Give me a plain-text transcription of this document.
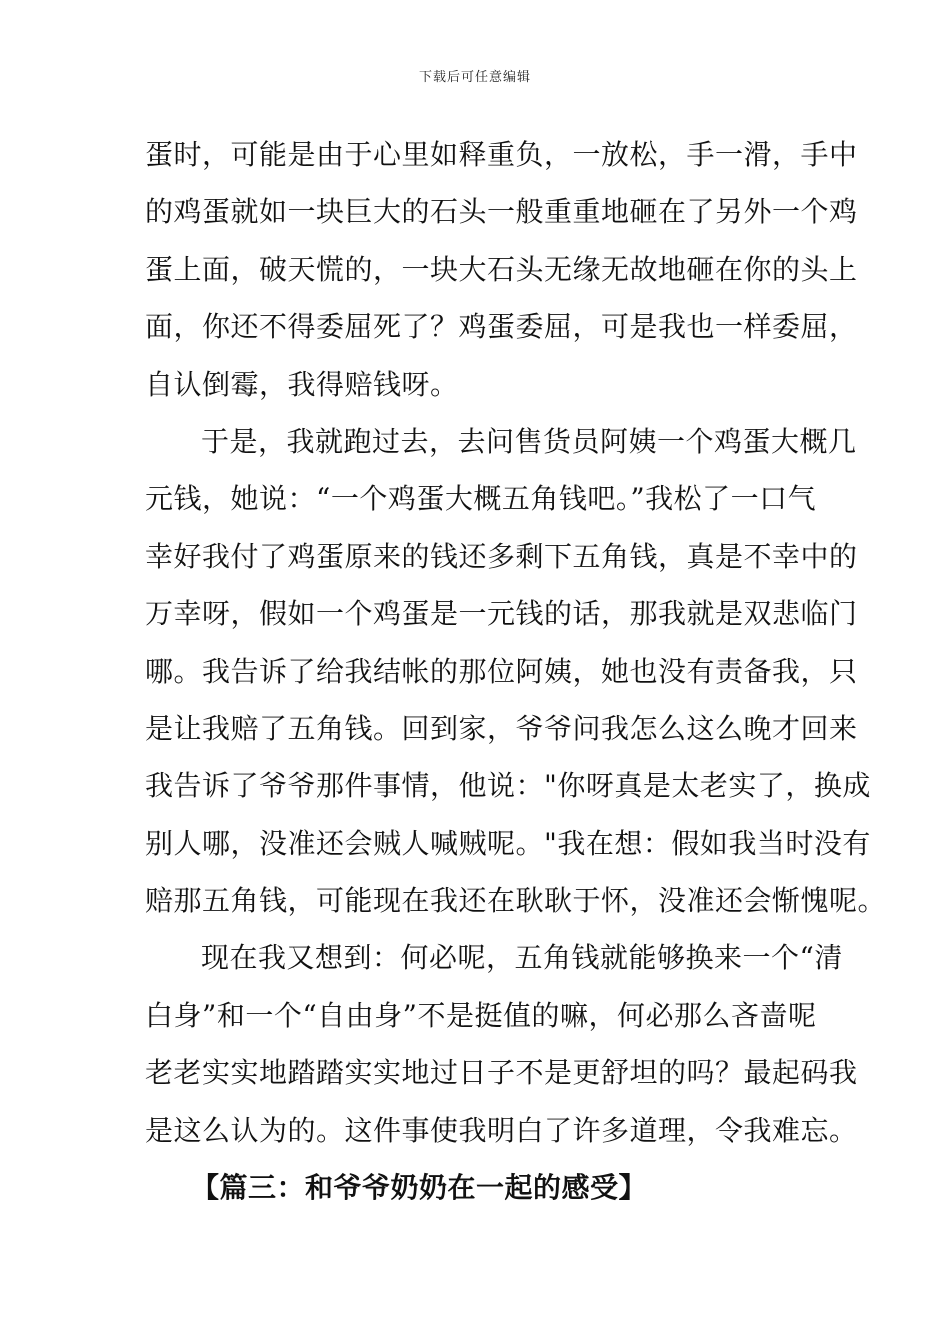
下载后可任意编辑
蛋时，可能是由于心里如释重负，一放松，手一滑，手中
的鸡蛋就如一块巨大的石头一般重重地砸在了另外一个鸡
蛋上面，破天慌的，一块大石头无缘无故地砸在你的头上
面，你还不得委屈死了？鸡蛋委屈，可是我也一样委屈，
自认倒霉，我得赔钱呀。
于是，我就跑过去，去问售货员阿姨一个鸡蛋大概几
元钱，她说：“一个鸡蛋大概五角钱吧。”我松了一口气
幸好我付了鸡蛋原来的钱还多剩下五角钱，真是不幸中的
万幸呀，假如一个鸡蛋是一元钱的话，那我就是双悲临门
哪。我告诉了给我结帐的那位阿姨，她也没有责备我，只
是让我赔了五角钱。回到家，爷爷问我怎么这么晚才回来
我告诉了爷爷那件事情，他说："你呀真是太老实了，换成
别人哪，没准还会贼人喊贼呢。"我在想：假如我当时没有
赔那五角钱，可能现在我还在耿耿于怀，没准还会惭愧呢。
现在我又想到：何必呢，五角钱就能够换来一个“清
白身”和一个“自由身”不是挺值的嘛，何必那么吝啬呢
老老实实地踏踏实实地过日子不是更舒坦的吗？最起码我
是这么认为的。这件事使我明白了许多道理，令我难忘。
【篇三：和爷爷奶奶在一起的感受】
